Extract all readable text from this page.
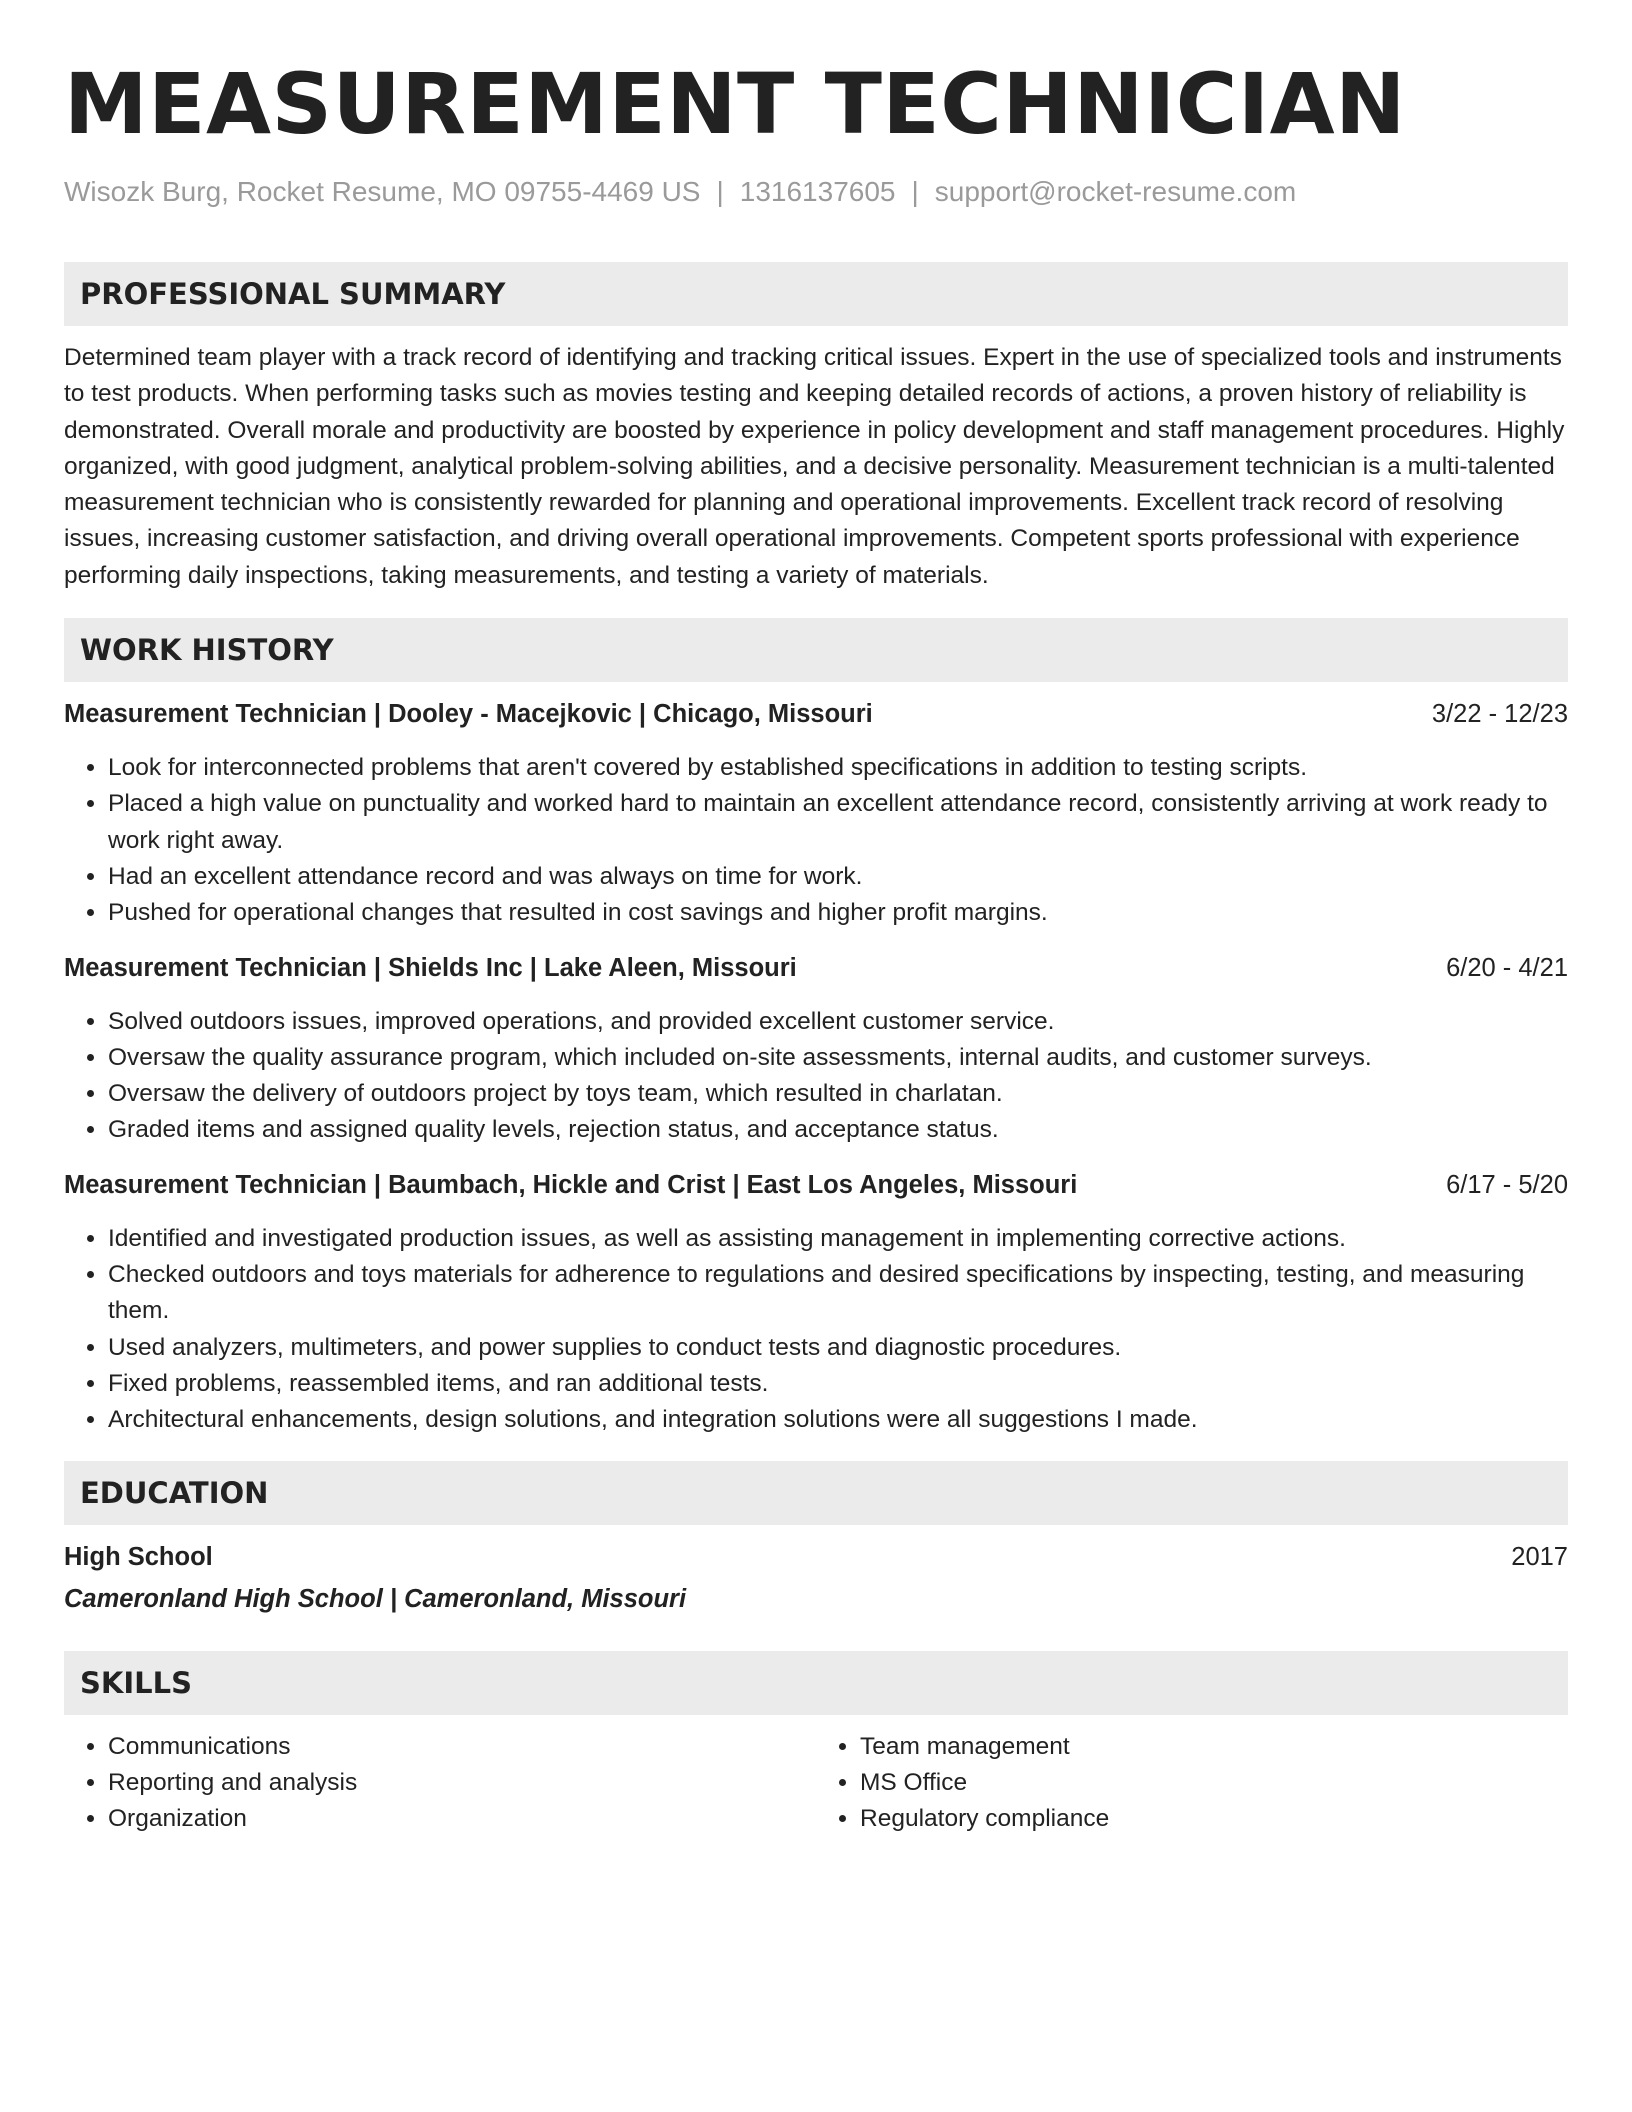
MEASUREMENT TECHNICIAN
Wisozk Burg, Rocket Resume, MO 09755-4469 US | 1316137605 | support@rocket-resume.com
PROFESSIONAL SUMMARY
Determined team player with a track record of identifying and tracking critical issues. Expert in the use of specialized tools and instruments to test products. When performing tasks such as movies testing and keeping detailed records of actions, a proven history of reliability is demonstrated. Overall morale and productivity are boosted by experience in policy development and staff management procedures. Highly organized, with good judgment, analytical problem-solving abilities, and a decisive personality. Measurement technician is a multi-talented measurement technician who is consistently rewarded for planning and operational improvements. Excellent track record of resolving issues, increasing customer satisfaction, and driving overall operational improvements. Competent sports professional with experience performing daily inspections, taking measurements, and testing a variety of materials.
WORK HISTORY
Measurement Technician | Dooley - Macejkovic | Chicago, Missouri	3/22 - 12/23
• Look for interconnected problems that aren't covered by established specifications in addition to testing scripts.
• Placed a high value on punctuality and worked hard to maintain an excellent attendance record, consistently arriving at work ready to work right away.
• Had an excellent attendance record and was always on time for work.
• Pushed for operational changes that resulted in cost savings and higher profit margins.
Measurement Technician | Shields Inc | Lake Aleen, Missouri	6/20 - 4/21
• Solved outdoors issues, improved operations, and provided excellent customer service.
• Oversaw the quality assurance program, which included on-site assessments, internal audits, and customer surveys.
• Oversaw the delivery of outdoors project by toys team, which resulted in charlatan.
• Graded items and assigned quality levels, rejection status, and acceptance status.
Measurement Technician | Baumbach, Hickle and Crist | East Los Angeles, Missouri	6/17 - 5/20
• Identified and investigated production issues, as well as assisting management in implementing corrective actions.
• Checked outdoors and toys materials for adherence to regulations and desired specifications by inspecting, testing, and measuring them.
• Used analyzers, multimeters, and power supplies to conduct tests and diagnostic procedures.
• Fixed problems, reassembled items, and ran additional tests.
• Architectural enhancements, design solutions, and integration solutions were all suggestions I made.
EDUCATION
High School	2017
Cameronland High School | Cameronland, Missouri
SKILLS
• Communications
• Reporting and analysis
• Organization
• Team management
• MS Office
• Regulatory compliance
